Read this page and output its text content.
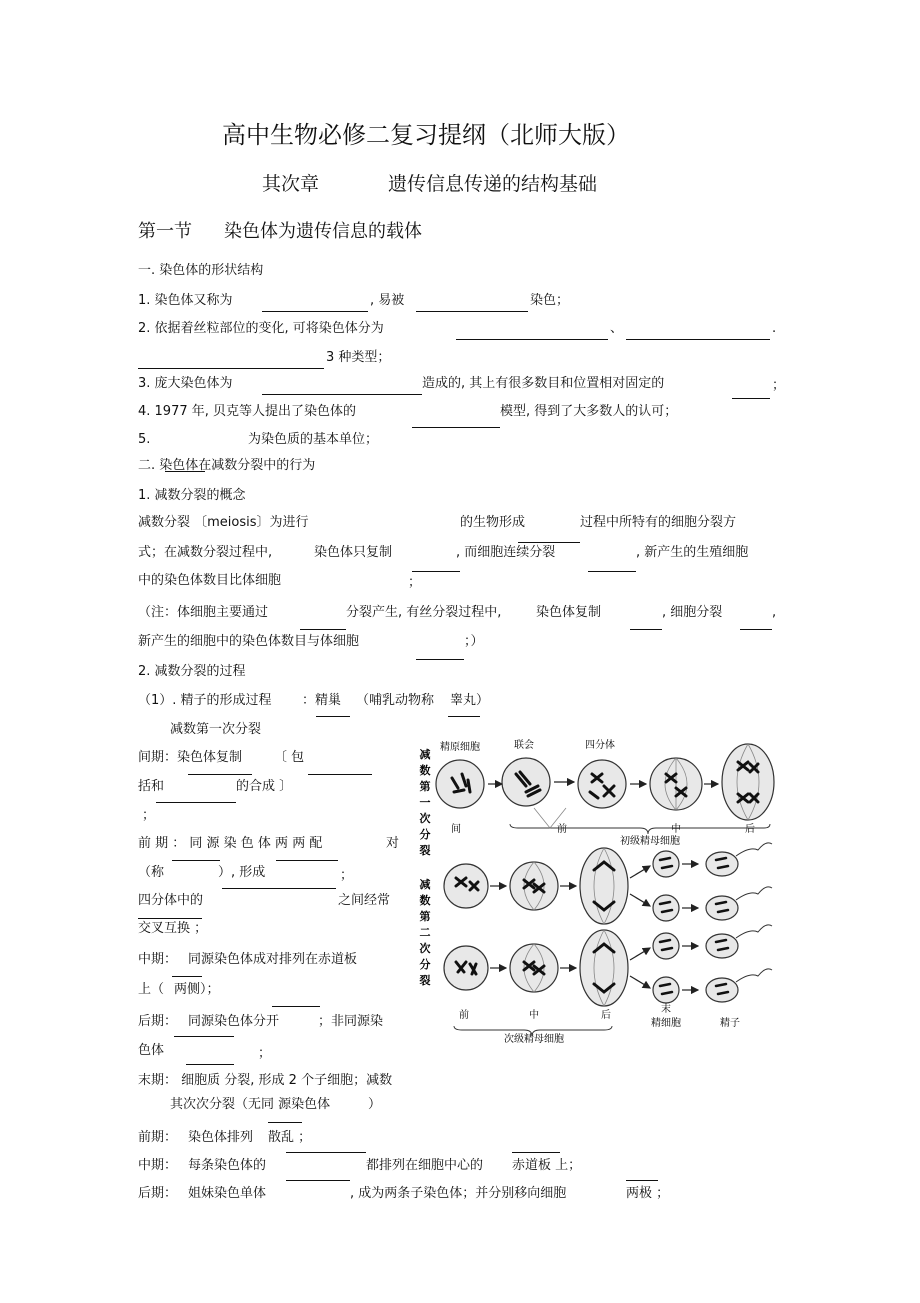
高中生物必修二复习提纲（北师大版）
其次章	遗传信息传递的结构基础
第一节 染色体为遗传信息的载体
一. 染色体的形状结构
1. 染色体又称为	, 易被	染色；
2. 依据着丝粒部位的变化, 可将染色体分为	、	.
3 种类型；
3. 庞大染色体为	造成的, 其上有很多数目和位置相对固定的	；
4. 1977 年, 贝克等人提出了染色体的	模型, 得到了大多数人的认可；
5.	为染色质的基本单位；
二. 染色体在减数分裂中的行为
1. 减数分裂的概念
减数分裂 〔meiosis〕为进行	的生物形成	过程中所特有的细胞分裂方
式；在减数分裂过程中,	染色体只复制	, 而细胞连续分裂	, 新产生的生殖细胞
中的染色体数目比体细胞	；
（注：体细胞主要通过	分裂产生, 有丝分裂过程中,	染色体复制	, 细胞分裂	,
新产生的细胞中的染色体数目与体细胞	；）
2. 减数分裂的过程
（1）. 精子的形成过程 ：精巢 （哺乳动物称 睾丸）
减数第一次分裂
间期：染色体复制 〔 包
括和	的合成 〕
；
前 期 ： 同 源 染 色 体 两 两 配	对
（称	）, 形成	；
四分体中的	之间经常
交叉互换 ；
中期： 同源染色体成对排列在赤道板
上（ 两侧）；
后期： 同源染色体分开	；非同源染
色体	；
末期： 细胞质 分裂, 形成 2 个子细胞；减数
其次次分裂（无同 源染色体	）
前期： 染色体排列 散乱 ；
中期： 每条染色体的	都排列在细胞中心的 赤道板 上；
后期： 姐妹染色单体	, 成为两条子染色体；并分别移向细胞	两极 ；
减
数
第
一
次
分
裂
减
数
第
二
次
分
裂
精原细胞	联会	四分体
间	前	中	后
初级精母细胞
前	中	后
末
精细胞	精子
次级精母细胞
